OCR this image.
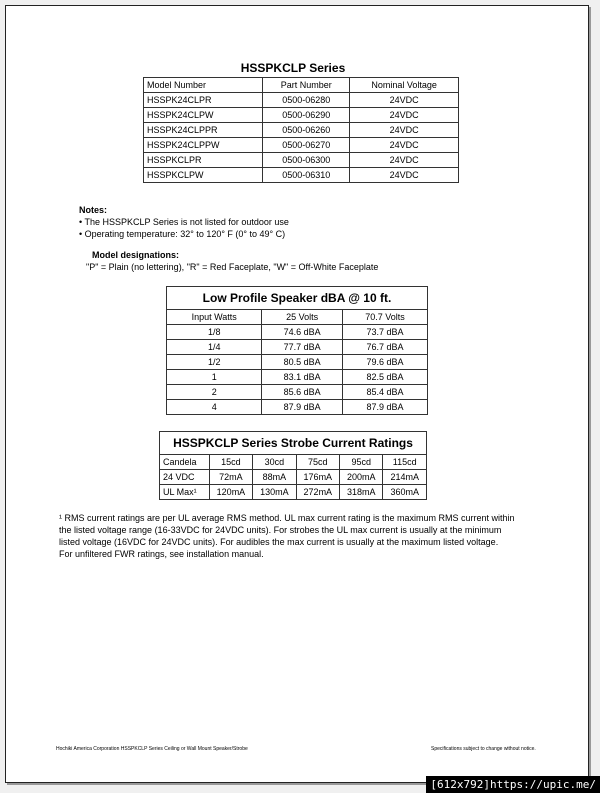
HSSPKCLP Series
Model Number	Part Number	Nominal Voltage
HSSPK24CLPR	0500-06280	24VDC
HSSPK24CLPW	0500-06290	24VDC
HSSPK24CLPPR	0500-06260	24VDC
HSSPK24CLPPW	0500-06270	24VDC
HSSPKCLPR	0500-06300	24VDC
HSSPKCLPW	0500-06310	24VDC
Notes:
• The HSSPKCLP Series is not listed for outdoor use
• Operating temperature: 32° to 120° F (0° to 49° C)
Model designations:
"P" = Plain (no lettering), "R" = Red Faceplate, "W" = Off-White Faceplate
Low Profile Speaker dBA @ 10 ft.		
Input Watts	25 Volts	70.7 Volts
1/8	74.6 dBA	73.7 dBA
1/4	77.7 dBA	76.7 dBA
1/2	80.5 dBA	79.6 dBA
1	83.1 dBA	82.5 dBA
2	85.6 dBA	85.4 dBA
4	87.9 dBA	87.9 dBA
HSSPKCLP Series Strobe Current Ratings					
Candela	15cd	30cd	75cd	95cd	115cd
24 VDC	72mA	88mA	176mA	200mA	214mA
UL Max¹	120mA	130mA	272mA	318mA	360mA
¹ RMS current ratings are per UL average RMS method. UL max current rating is the maximum RMS current within
the listed voltage range (16-33VDC for 24VDC units). For strobes the UL max current is usually at the minimum
listed voltage (16VDC for 24VDC units). For audibles the max current is usually at the maximum listed voltage.
For unfiltered FWR ratings, see installation manual.
Hochiki America Corporation HSSPKCLP Series Ceiling or Wall Mount Speaker/Strobe	Specifications subject to change without notice.
[612x792]https://upic.me/
